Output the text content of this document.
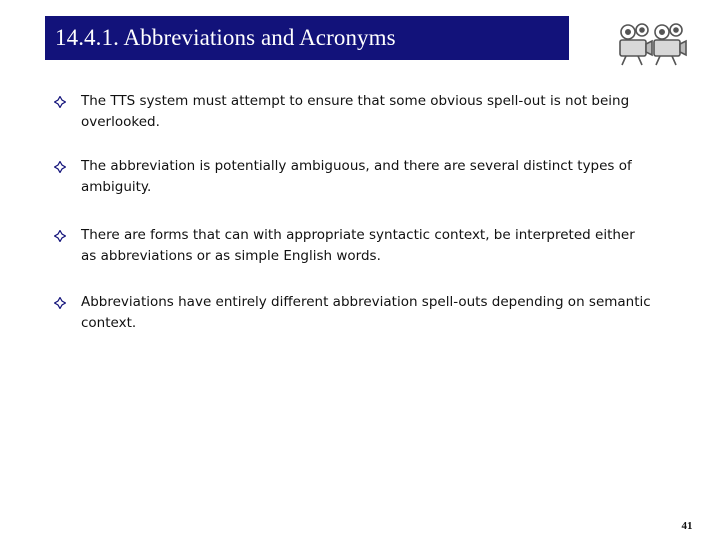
14.4.1. Abbreviations and Acronyms
The TTS system must attempt to ensure that some obvious spell-out is not being overlooked.
The abbreviation is potentially ambiguous, and there are several distinct types of ambiguity.
There are forms that can with appropriate syntactic context, be interpreted either as abbreviations or as simple English words.
Abbreviations have entirely different abbreviation spell-outs depending on semantic context.
41
